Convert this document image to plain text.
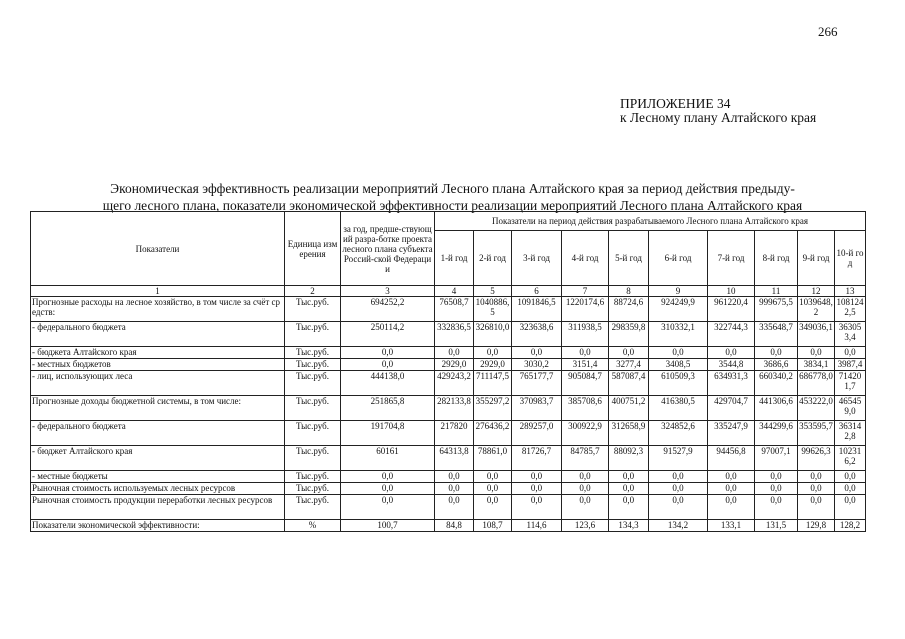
266
ПРИЛОЖЕНИЕ 34
к Лесному плану Алтайского края
Экономическая эффективность реализации мероприятий Лесного плана Алтайского края за период действия предыду-
щего лесного плана, показатели экономической эффективности реализации мероприятий Лесного плана Алтайского края
Показатели	Единица измерения	за год, предше-ствующий разра-ботке проекта лесного плана субъекта Россий-ской Федерации	Показатели на период действия разрабатываемого Лесного плана Алтайского края									
			1-й год	2-й год	3-й год	4-й год	5-й год	6-й год	7-й год	8-й год	9-й год	10-й год
1	2	3	4	5	6	7	8	9	10	11	12	13
Прогнозные расходы на лесное хозяйство, в том числе за счёт средств:	Тыс.руб.	694252,2	76508,7	1040886,5	1091846,5	1220174,6	88724,6	924249,9	961220,4	999675,5	1039648,2	1081242,5
- федерального бюджета	Тыс.руб.	250114,2	332836,5	326810,0	323638,6	311938,5	298359,8	310332,1	322744,3	335648,7	349036,1	363053,4
- бюджета Алтайского края	Тыс.руб.	0,0	0,0	0,0	0,0	0,0	0,0	0,0	0,0	0,0	0,0	0,0
- местных бюджетов	Тыс.руб.	0,0	2929,0	2929,0	3030,2	3151,4	3277,4	3408,5	3544,8	3686,6	3834,1	3987,4
- лиц, использующих леса	Тыс.руб.	444138,0	429243,2	711147,5	765177,7	905084,7	587087,4	610509,3	634931,3	660340,2	686778,0	714201,7
Прогнозные доходы бюджетной системы, в том числе:	Тыс.руб.	251865,8	282133,8	355297,2	370983,7	385708,6	400751,2	416380,5	429704,7	441306,6	453222,0	465459,0
- федерального бюджета	Тыс.руб.	191704,8	217820	276436,2	289257,0	300922,9	312658,9	324852,6	335247,9	344299,6	353595,7	363142,8
- бюджет Алтайского края	Тыс.руб.	60161	64313,8	78861,0	81726,7	84785,7	88092,3	91527,9	94456,8	97007,1	99626,3	102316,2
- местные бюджеты	Тыс.руб.	0,0	0,0	0,0	0,0	0,0	0,0	0,0	0,0	0,0	0,0	0,0
Рыночная стоимость используемых лесных ресурсов	Тыс.руб.	0,0	0,0	0,0	0,0	0,0	0,0	0,0	0,0	0,0	0,0	0,0
Рыночная стоимость продукции переработки лесных ресурсов	Тыс.руб.	0,0	0,0	0,0	0,0	0,0	0,0	0,0	0,0	0,0	0,0	0,0
Показатели экономической эффективности:	%	100,7	84,8	108,7	114,6	123,6	134,3	134,2	133,1	131,5	129,8	128,2
